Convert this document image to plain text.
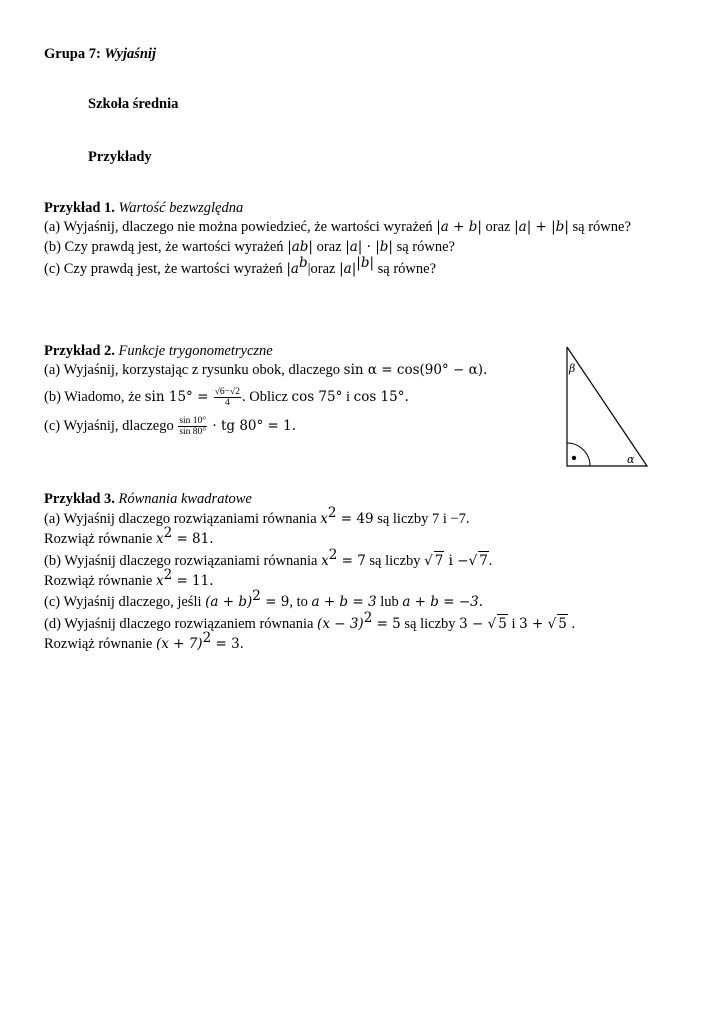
Grupa 7: Wyjaśnij
Szkoła średnia
Przykłady
Przykład 1. Wartość bezwzględna
(a) Wyjaśnij, dlaczego nie można powiedzieć, że wartości wyrażeń |a + b| oraz |a| + |b| są równe?
(b) Czy prawdą jest, że wartości wyrażeń |ab| oraz |a| · |b| są równe?
(c) Czy prawdą jest, że wartości wyrażeń $|a^b|oraz$ $|a|^{|b|}$ są równe?
Przykład 2. Funkcje trygonometryczne
(a) Wyjaśnij, korzystając z rysunku obok, dlaczego sin α = cos(90° − α).
(b) Wiadomo, że $\sin 15^\circ = \frac{√6-√2}{4}$ . Oblicz cos 75° i cos 15°.
(c) Wyjaśnij, dlaczego $\frac{\sin 10^\circ}{\sin 80^\circ}$ · tg 80° = 1.
β
α
Przykład 3. Równania kwadratowe
(a) Wyjaśnij dlaczego rozwiązaniami równania $x^2 = 49$ są liczby 7 i −7.
Rozwiąż równanie $x^2 = 81$.
(b) Wyjaśnij dlaczego rozwiązaniami równania $x^2 = 7$ są liczby √ 7 i −√ 7.
Rozwiąż równanie $x^2 = 11$.
(c) Wyjaśnij dlaczego, jeśli $(a + b)^2 = 9$, to a + b = 3 lub a + b = −3.
(d) Wyjaśnij dlaczego rozwiązaniem równania $(x - 3)^2 = 5$ są liczby 3 − √ 5 i 3 + √ 5 .
Rozwiąż równanie $(x + 7)^2 = 3$.
